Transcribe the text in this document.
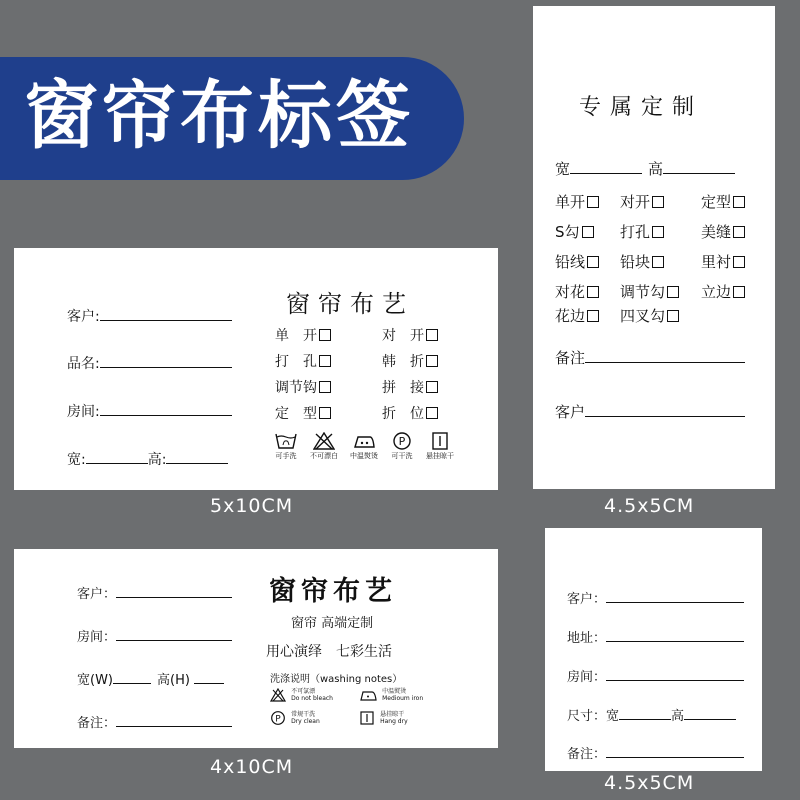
窗帘布标签
窗帘布艺
客户:
品名:
房间:
宽:	高:
单　开	对　开
打　孔	韩　折
调节钩	拼　接
定　型	折　位
可手洗	不可漂白	中温熨烫
P
可干洗	悬挂晾干
5x10CM
专属定制
宽	高
单开	对开	定型
S勾	打孔	美缝
铅线	铅块	里衬
对花	调节勾	立边
花边	四叉勾
备注
客户
4.5x5CM
窗帘布艺
窗帘 高端定制
用心演绎　七彩生活
洗涤说明（washing notes）
不可氯漂
Do not bleach
中温熨烫
Medioum iron
P 常规干洗
Dry clean
悬挂晾干
Hang dry
客户：
房间：
宽(W)	高(H)
备注：
4x10CM
客户：
地址：
房间：
尺寸：宽	高
备注：
4.5x5CM
